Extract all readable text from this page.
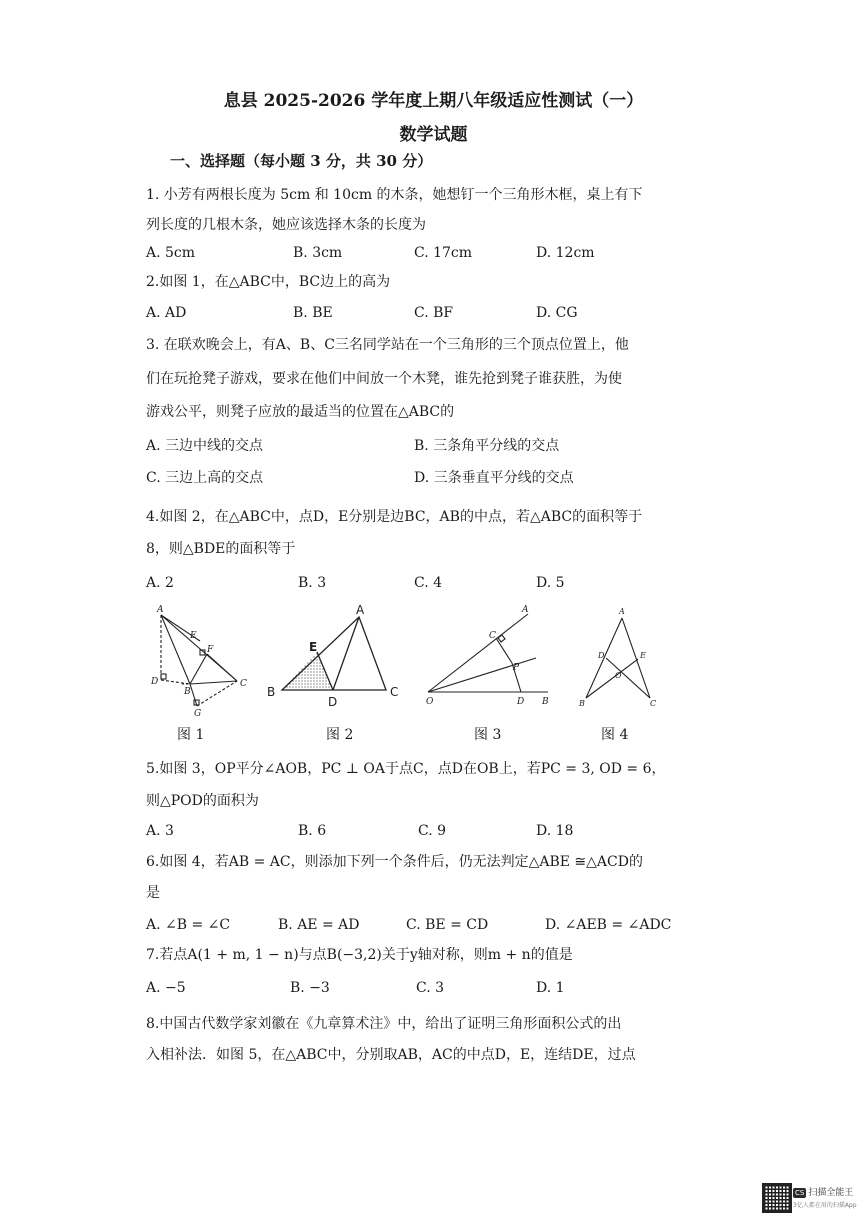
息县 2025-2026 学年度上期八年级适应性测试（一）
数学试题
一、选择题（每小题 3 分，共 30 分）
1. 小芳有两根长度为 5cm 和 10cm 的木条，她想钉一个三角形木框，桌上有下
列长度的几根木条，她应该选择木条的长度为
A. 5cm	B. 3cm	C. 17cm	D. 12cm
2.如图 1，在△ABC中，BC边上的高为
A. AD	B. BE	C. BF	D. CG
3. 在联欢晚会上，有A、B、C三名同学站在一个三角形的三个顶点位置上，他
们在玩抢凳子游戏，要求在他们中间放一个木凳，谁先抢到凳子谁获胜，为使
游戏公平，则凳子应放的最适当的位置在△ABC的
A. 三边中线的交点	B. 三条角平分线的交点
C. 三边上高的交点	D. 三条垂直平分线的交点
4.如图 2，在△ABC中，点D，E分别是边BC，AB的中点，若△ABC的面积等于
8，则△BDE的面积等于
A. 2	B. 3	C. 4	D. 5
A
E
F
D
B
C
G
图 1
A
E
B
D
C
图 2
A
C
P
O	D B
图 3
A
D	E
O
B	C
图 4
5.如图 3，OP平分∠AOB，PC ⊥ OA于点C，点D在OB上，若PC = 3, OD = 6，
则△POD的面积为
A. 3	B. 6	C. 9	D. 18
6.如图 4，若AB = AC，则添加下列一个条件后，仍无法判定△ABE ≅△ACD的
是
A. ∠B = ∠C	B. AE = AD	C. BE = CD	D. ∠AEB = ∠ADC
7.若点A(1 + m, 1 − n)与点B(−3,2)关于y轴对称，则m + n的值是
A. −5	B. −3	C. 3	D. 1
8.中国古代数学家刘徽在《九章算术注》中，给出了证明三角形面积公式的出
入相补法．如图 5，在△ABC中，分别取AB，AC的中点D，E，连结DE，过点
CS 扫描全能王
3亿人都在用的扫描App
